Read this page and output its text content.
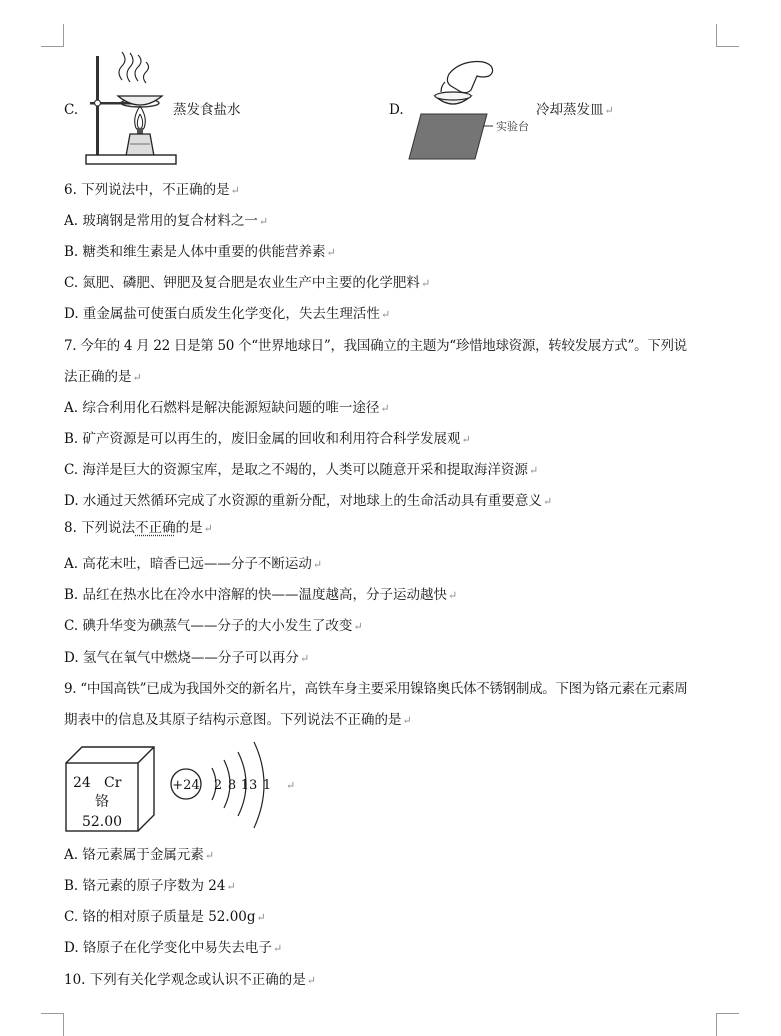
C.	蒸发食盐水	D.
实验台
冷却蒸发皿↵
6. 下列说法中，不正确的是↵
A. 玻璃钢是常用的复合材料之一↵
B. 糖类和维生素是人体中重要的供能营养素↵
C. 氮肥、磷肥、钾肥及复合肥是农业生产中主要的化学肥料↵
D. 重金属盐可使蛋白质发生化学变化，失去生理活性↵
7. 今年的 4 月 22 日是第 50 个“世界地球日”，我国确立的主题为“珍惜地球资源，转较发展方式”。下列说
法正确的是↵
A. 综合利用化石燃料是解决能源短缺问题的唯一途径↵
B. 矿产资源是可以再生的，废旧金属的回收和利用符合科学发展观↵
C. 海洋是巨大的资源宝库，是取之不竭的，人类可以随意开采和提取海洋资源↵
D. 水通过天然循环完成了水资源的重新分配，对地球上的生命活动具有重要意义↵
8. 下列说法不正确的是↵
A. 高花末吐，暗香已远——分子不断运动↵
B. 品红在热水比在冷水中溶解的快——温度越高，分子运动越快↵
C. 碘升华变为碘蒸气——分子的大小发生了改变↵
D. 氢气在氧气中燃烧——分子可以再分↵
9. “中国高铁”已成为我国外交的新名片，高铁车身主要采用镍铬奥氏体不锈钢制成。下图为铬元素在元素周
期表中的信息及其原子结构示意图。下列说法不正确的是↵
24 Cr
铬
52.00
+24 2 8 13 1 ↵
A. 铬元素属于金属元素↵
B. 铬元素的原子序数为 24↵
C. 铬的相对原子质量是 52.00g↵
D. 铬原子在化学变化中易失去电子↵
10. 下列有关化学观念或认识不正确的是↵
